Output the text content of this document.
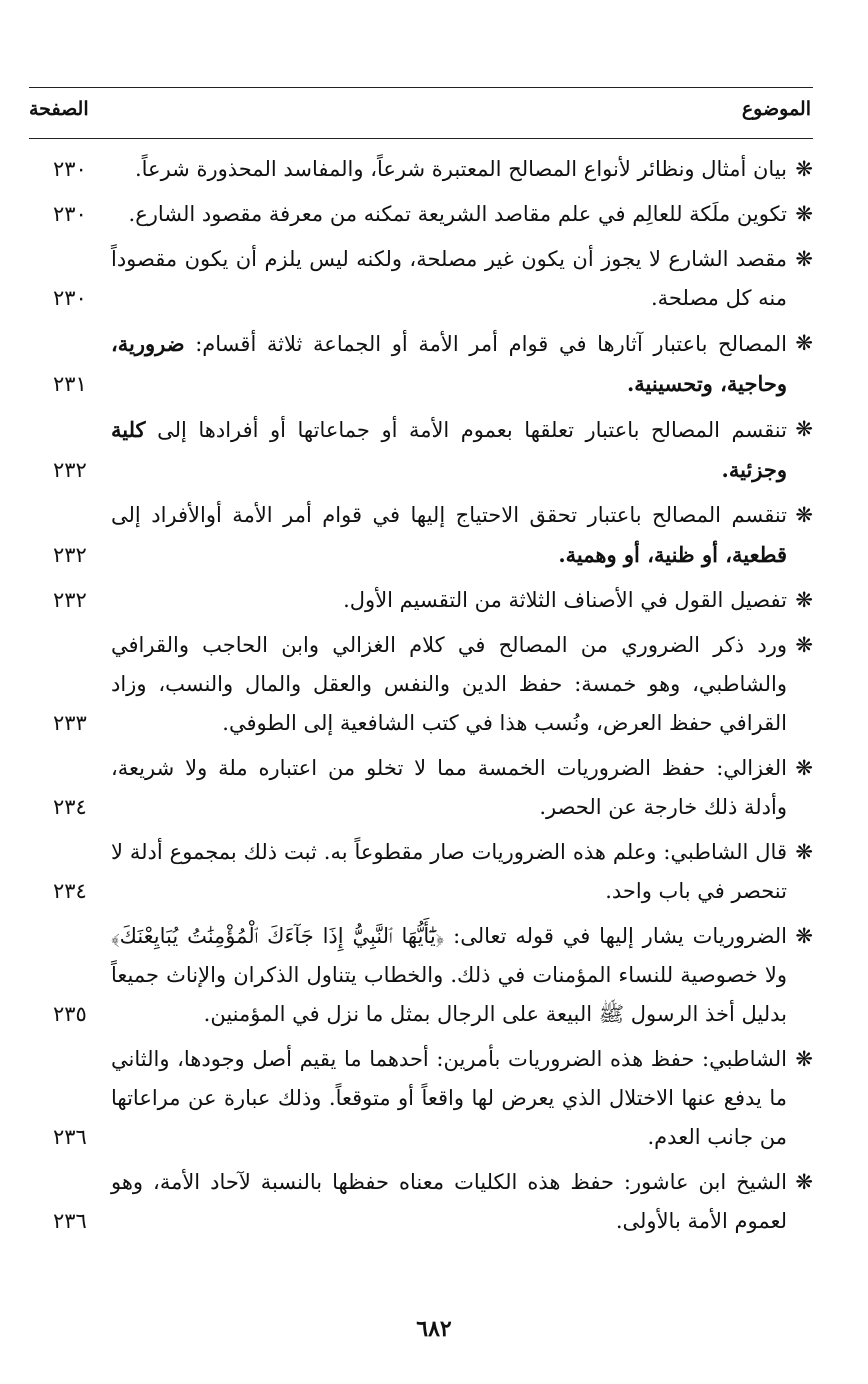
الموضوع
الصفحة
❋
بيان أمثال ونظائر لأنواع المصالح المعتبرة شرعاً، والمفاسد المحذورة شرعاً.
٢٣٠
❋
تكوين ملَكة للعالِم في علم مقاصد الشريعة تمكنه من معرفة مقصود الشارع.
٢٣٠
❋
مقصد الشارع لا يجوز أن يكون غير مصلحة، ولكنه ليس يلزم أن يكون مقصوداً منه كل مصلحة.
٢٣٠
❋
المصالح باعتبار آثارها في قوام أمر الأمة أو الجماعة ثلاثة أقسام: ضرورية، وحاجية، وتحسينية.
٢٣١
❋
تنقسم المصالح باعتبار تعلقها بعموم الأمة أو جماعاتها أو أفرادها إلى كلية وجزئية.
٢٣٢
❋
تنقسم المصالح باعتبار تحقق الاحتياج إليها في قوام أمر الأمة أوالأفراد إلى قطعية، أو ظنية، أو وهمية.
٢٣٢
❋
تفصيل القول في الأصناف الثلاثة من التقسيم الأول.
٢٣٢
❋
ورد ذكر الضروري من المصالح في كلام الغزالي وابن الحاجب والقرافي والشاطبي، وهو خمسة: حفظ الدين والنفس والعقل والمال والنسب، وزاد القرافي حفظ العرض، ونُسب هذا في كتب الشافعية إلى الطوفي.
٢٣٣
❋
الغزالي: حفظ الضروريات الخمسة مما لا تخلو من اعتباره ملة ولا شريعة، وأدلة ذلك خارجة عن الحصر.
٢٣٤
❋
قال الشاطبي: وعلم هذه الضروريات صار مقطوعاً به. ثبت ذلك بمجموع أدلة لا تنحصر في باب واحد.
٢٣٤
❋
الضروريات يشار إليها في قوله تعالى: ﴿يَٰٓأَيُّهَا ٱلنَّبِيُّ إِذَا جَآءَكَ ٱلْمُؤْمِنَٰتُ يُبَايِعْنَكَ﴾ ولا خصوصية للنساء المؤمنات في ذلك. والخطاب يتناول الذكران والإناث جميعاً بدليل أخذ الرسول ﷺ البيعة على الرجال بمثل ما نزل في المؤمنين.
٢٣٥
❋
الشاطبي: حفظ هذه الضروريات بأمرين: أحدهما ما يقيم أصل وجودها، والثاني ما يدفع عنها الاختلال الذي يعرض لها واقعاً أو متوقعاً. وذلك عبارة عن مراعاتها من جانب العدم.
٢٣٦
❋
الشيخ ابن عاشور: حفظ هذه الكليات معناه حفظها بالنسبة لآحاد الأمة، وهو لعموم الأمة بالأولى.
٢٣٦
٦٨٢
